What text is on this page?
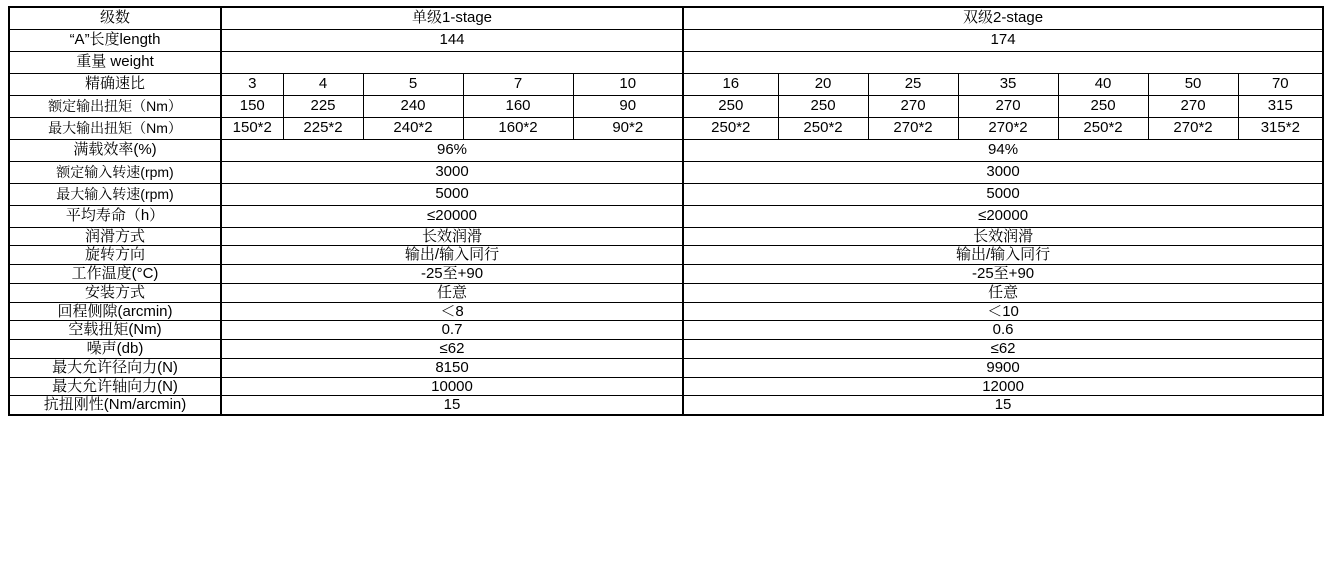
级数	单级1-stage					双级2-stage						
“A”长度length	144					174						
重量 weight												
精确速比	3	4	5	7	10	16	20	25	35	40	50	70
额定输出扭矩（Nm）	150	225	240	160	90	250	250	270	270	250	270	315
最大输出扭矩（Nm）	150*2	225*2	240*2	160*2	90*2	250*2	250*2	270*2	270*2	250*2	270*2	315*2
满载效率(%)	96%					94%						
额定输入转速(rpm)	3000					3000						
最大输入转速(rpm)	5000					5000						
平均寿命（h）	≤20000					≤20000						
润滑方式	长效润滑					长效润滑						
旋转方向	输出/输入同行					输出/输入同行						
工作温度(°C)	-25至+90					-25至+90						
安装方式	任意					任意						
回程侧隙(arcmin)	＜8					＜10						
空载扭矩(Nm)	0.7					0.6						
噪声(db)	≤62					≤62						
最大允许径向力(N)	8150					9900						
最大允许轴向力(N)	10000					12000						
抗扭刚性(Nm/arcmin)	15					15						
